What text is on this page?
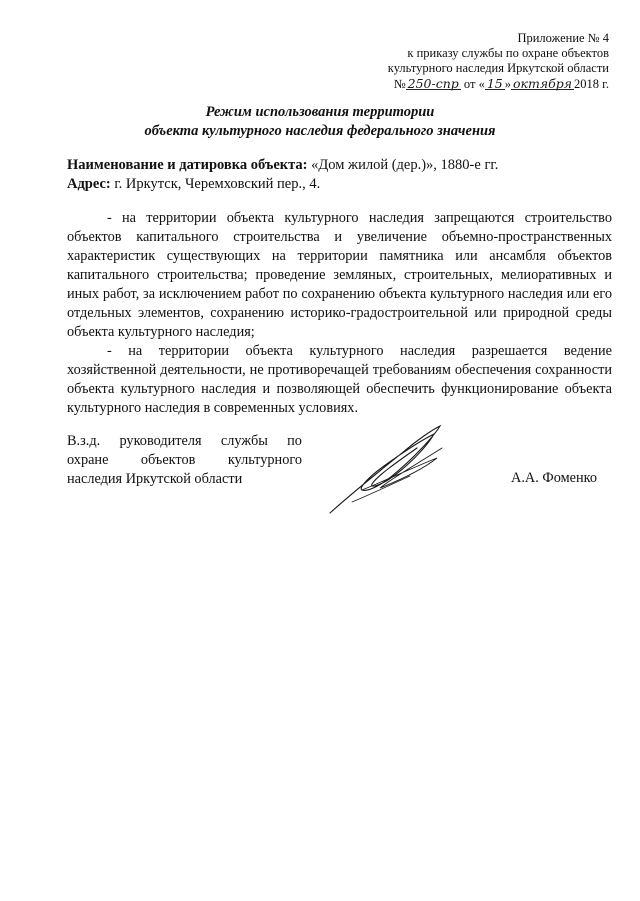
Приложение № 4
к приказу службы по охране объектов
культурного наследия Иркутской области
№ 250-спр от « 15 » октября 2018 г.
Режим использования территории
объекта культурного наследия федерального значения
Наименование и датировка объекта: «Дом жилой (дер.)», 1880-е гг.
Адрес: г. Иркутск, Черемховский пер., 4.

- на территории объекта культурного наследия запрещаются строительство объектов капитального строительства и увеличение объемно-пространственных характеристик существующих на территории памятника или ансамбля объектов капитального строительства; проведение земляных, строительных, мелиоративных и иных работ, за исключением работ по сохранению объекта культурного наследия или его отдельных элементов, сохранению историко-градостроительной или природной среды объекта культурного наследия;

- на территории объекта культурного наследия разрешается ведение хозяйственной деятельности, не противоречащей требованиям обеспечения сохранности объекта культурного наследия и позволяющей обеспечить функционирование объекта культурного наследия в современных условиях.

В.з.д. руководителя службы по
охране объектов культурного
наследия Иркутской области	А.А. Фоменко
